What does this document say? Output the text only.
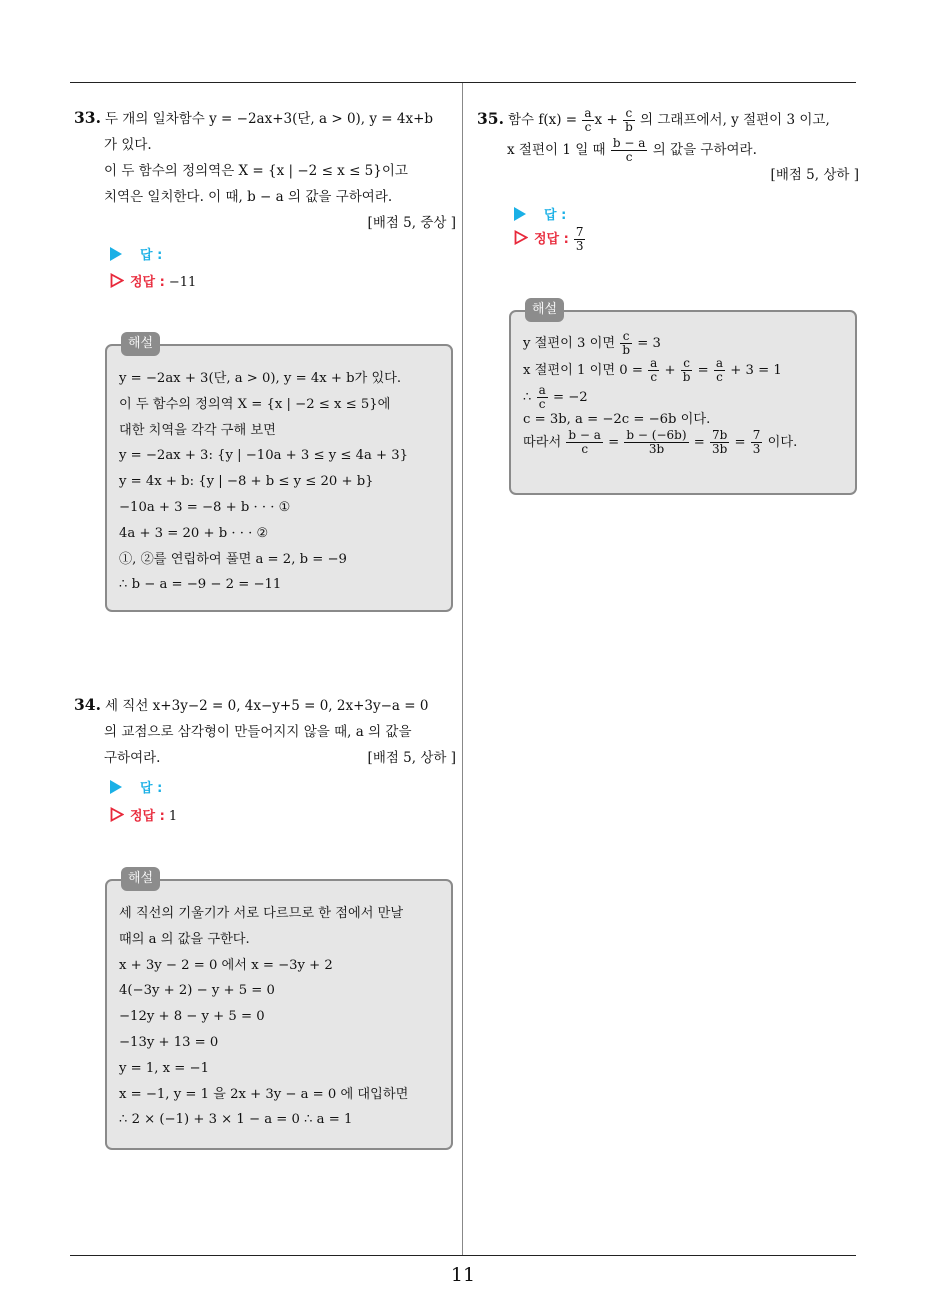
11
33. 두 개의 일차함수 y = −2ax+3(단, a > 0), y = 4x+b
가 있다.
이 두 함수의 정의역은 X = {x | −2 ≤ x ≤ 5}이고
치역은 일치한다. 이 때, b − a 의 값을 구하여라.
[배점 5, 중상 ]
답 :
정답 : −11
해설
y = −2ax + 3(단, a > 0), y = 4x + b가 있다.
이 두 함수의 정의역 X = {x | −2 ≤ x ≤ 5}에
대한 치역을 각각 구해 보면
y = −2ax + 3: {y | −10a + 3 ≤ y ≤ 4a + 3}
y = 4x + b: {y | −8 + b ≤ y ≤ 20 + b}
−10a + 3 = −8 + b · · · ①
4a + 3 = 20 + b · · · ②
①, ②를 연립하여 풀면 a = 2, b = −9
∴ b − a = −9 − 2 = −11
34. 세 직선 x+3y−2 = 0, 4x−y+5 = 0, 2x+3y−a = 0
의 교점으로 삼각형이 만들어지지 않을 때, a 의 값을
구하여라.	[배점 5, 상하 ]
답 :
정답 : 1
해설
세 직선의 기울기가 서로 다르므로 한 점에서 만날
때의 a 의 값을 구한다.
x + 3y − 2 = 0 에서 x = −3y + 2
4(−3y + 2) − y + 5 = 0
−12y + 8 − y + 5 = 0
−13y + 13 = 0
y = 1, x = −1
x = −1, y = 1 을 2x + 3y − a = 0 에 대입하면
∴ 2 × (−1) + 3 × 1 − a = 0 ∴ a = 1
35. 함수 $f(x) = \frac{a}{c}$ $x + \frac{c}{b}$ 의 그래프에서, y 절편이 3 이고,
x 절편이 1 일 때 $\frac{b - a}{c}$ 의 값을 구하여라.
[배점 5, 상하 ]
답 :
정답 : $\frac{7}{3}$
해설
y 절편이 3 이면 $\frac{c}{b} = 3$
x 절편이 1 이면 $0 = \frac{a}{c} + \frac{c}{b} = \frac{a}{c} + 3 = 1$
∴ $\frac{a}{c} = -2$
c = 3b, a = −2c = −6b 이다.
따라서 $\frac{b - a}{c} = \frac{b - (-6b)}{3b} = \frac{7b}{3b} = \frac{7}{3}$ 이다.
